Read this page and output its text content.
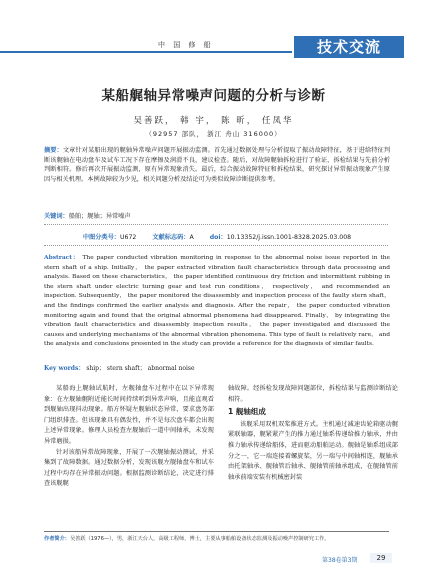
中 国 修 船	技术交流
某船艉轴异常噪声问题的分析与诊断
吴善跃， 韩 宇， 陈 昕， 任凤华
（92957 部队， 浙江 舟山 316000）
摘要：文章针对某船出现的艉轴异常噪声问题开展振动监测。首先通过数据处理与分析提取了振动故障特征，基于进给特征判断该艉轴在电动盘车及试车工况下存在摩擦及润滑不良，建议检查。随后，对故障艉轴拆检进行了验证，拆检结果与先前分析判断相符。修后再次开展振动监测，原有异常现象消失。最后，综合振动故障特征和拆检结果，研究探讨异常振动现象产生原因与相关机理。本例故障较为少见，相关问题分析及结论可为类似故障诊断提供参考。
关键词：船舶；艉轴；异常噪声
中图分类号：U672	文献标志码：A	doi：10.13352/j.issn.1001-8328.2025.03.008
Abstract： The paper conducted vibration monitoring in response to the abnormal noise issue reported in the stern shaft of a ship. Initially， the paper extracted vibration fault characteristics through data processing and analysis. Based on these characteristics， the paper identified continuous dry friction and intermittent rubbing in the stern shaft under electric turning gear and test run conditions， respectively， and recommended an inspection. Subsequently， the paper monitored the disassembly and inspection process of the faulty stern shaft， and the findings confirmed the earlier analysis and diagnosis. After the repair， the paper conducted vibration monitoring again and found that the original abnormal phenomena had disappeared. Finally， by integrating the vibration fault characteristics and disassembly inspection results， the paper investigated and discussed the causes and underlying mechanisms of the abnormal vibration phenomena. This type of fault is relatively rare， and the analysis and conclusions presented in the study can provide a reference for the diagnosis of similar faults.
Key words： ship； stern shaft； abnormal noise

某船海上艉轴试航时，左舰轴盘车过程中在以下异常现象：在左舰轴艉附近能长时间持续听到异常声响，且能直观看到舰轴出现抖动现象。船方怀疑左舰轴状态异常，要求盘务部门组织排查。但该现象具有偶发性，并不是每次盘车都会出现上述异常现象。修理人员检查左舰轴后一道中间轴承，未发现异常磨损。

针对该船异常故障现象，开展了一次艉轴振动测试，并采集到了故障数据。通过数据分析，发现该舰左舰轴盘车和试车过程中均存在异常振动问题。根据监测诊断结论，决定进行排查该舰艉

轴故障。经拆检发现故障问题部位，拆检结果与监测诊断结论相符。

1 舰轴组成

该舰采用双机双桨推进方式。主机通过减速齿轮箱驱动艉紧联轴器，艉紧紧产生的推力通过轴系传递给推力轴承，并由推力轴承传递给船体，进而驱动船舶运动。舰轴是轴系组成部分之一，它一端连接着螺旋桨，另一端与中间轴相连，舰轴承由托架轴承、舰轴管后轴承、舰轴管前轴承组成，在舰轴管前轴承前端安装有机械密封装

作者简介：吴善跃（1976—），男，浙江天台人，高级工程师，博士，主要从事船舶设备状态监测及振动噪声控制研究工作。
第38卷第3期	29
